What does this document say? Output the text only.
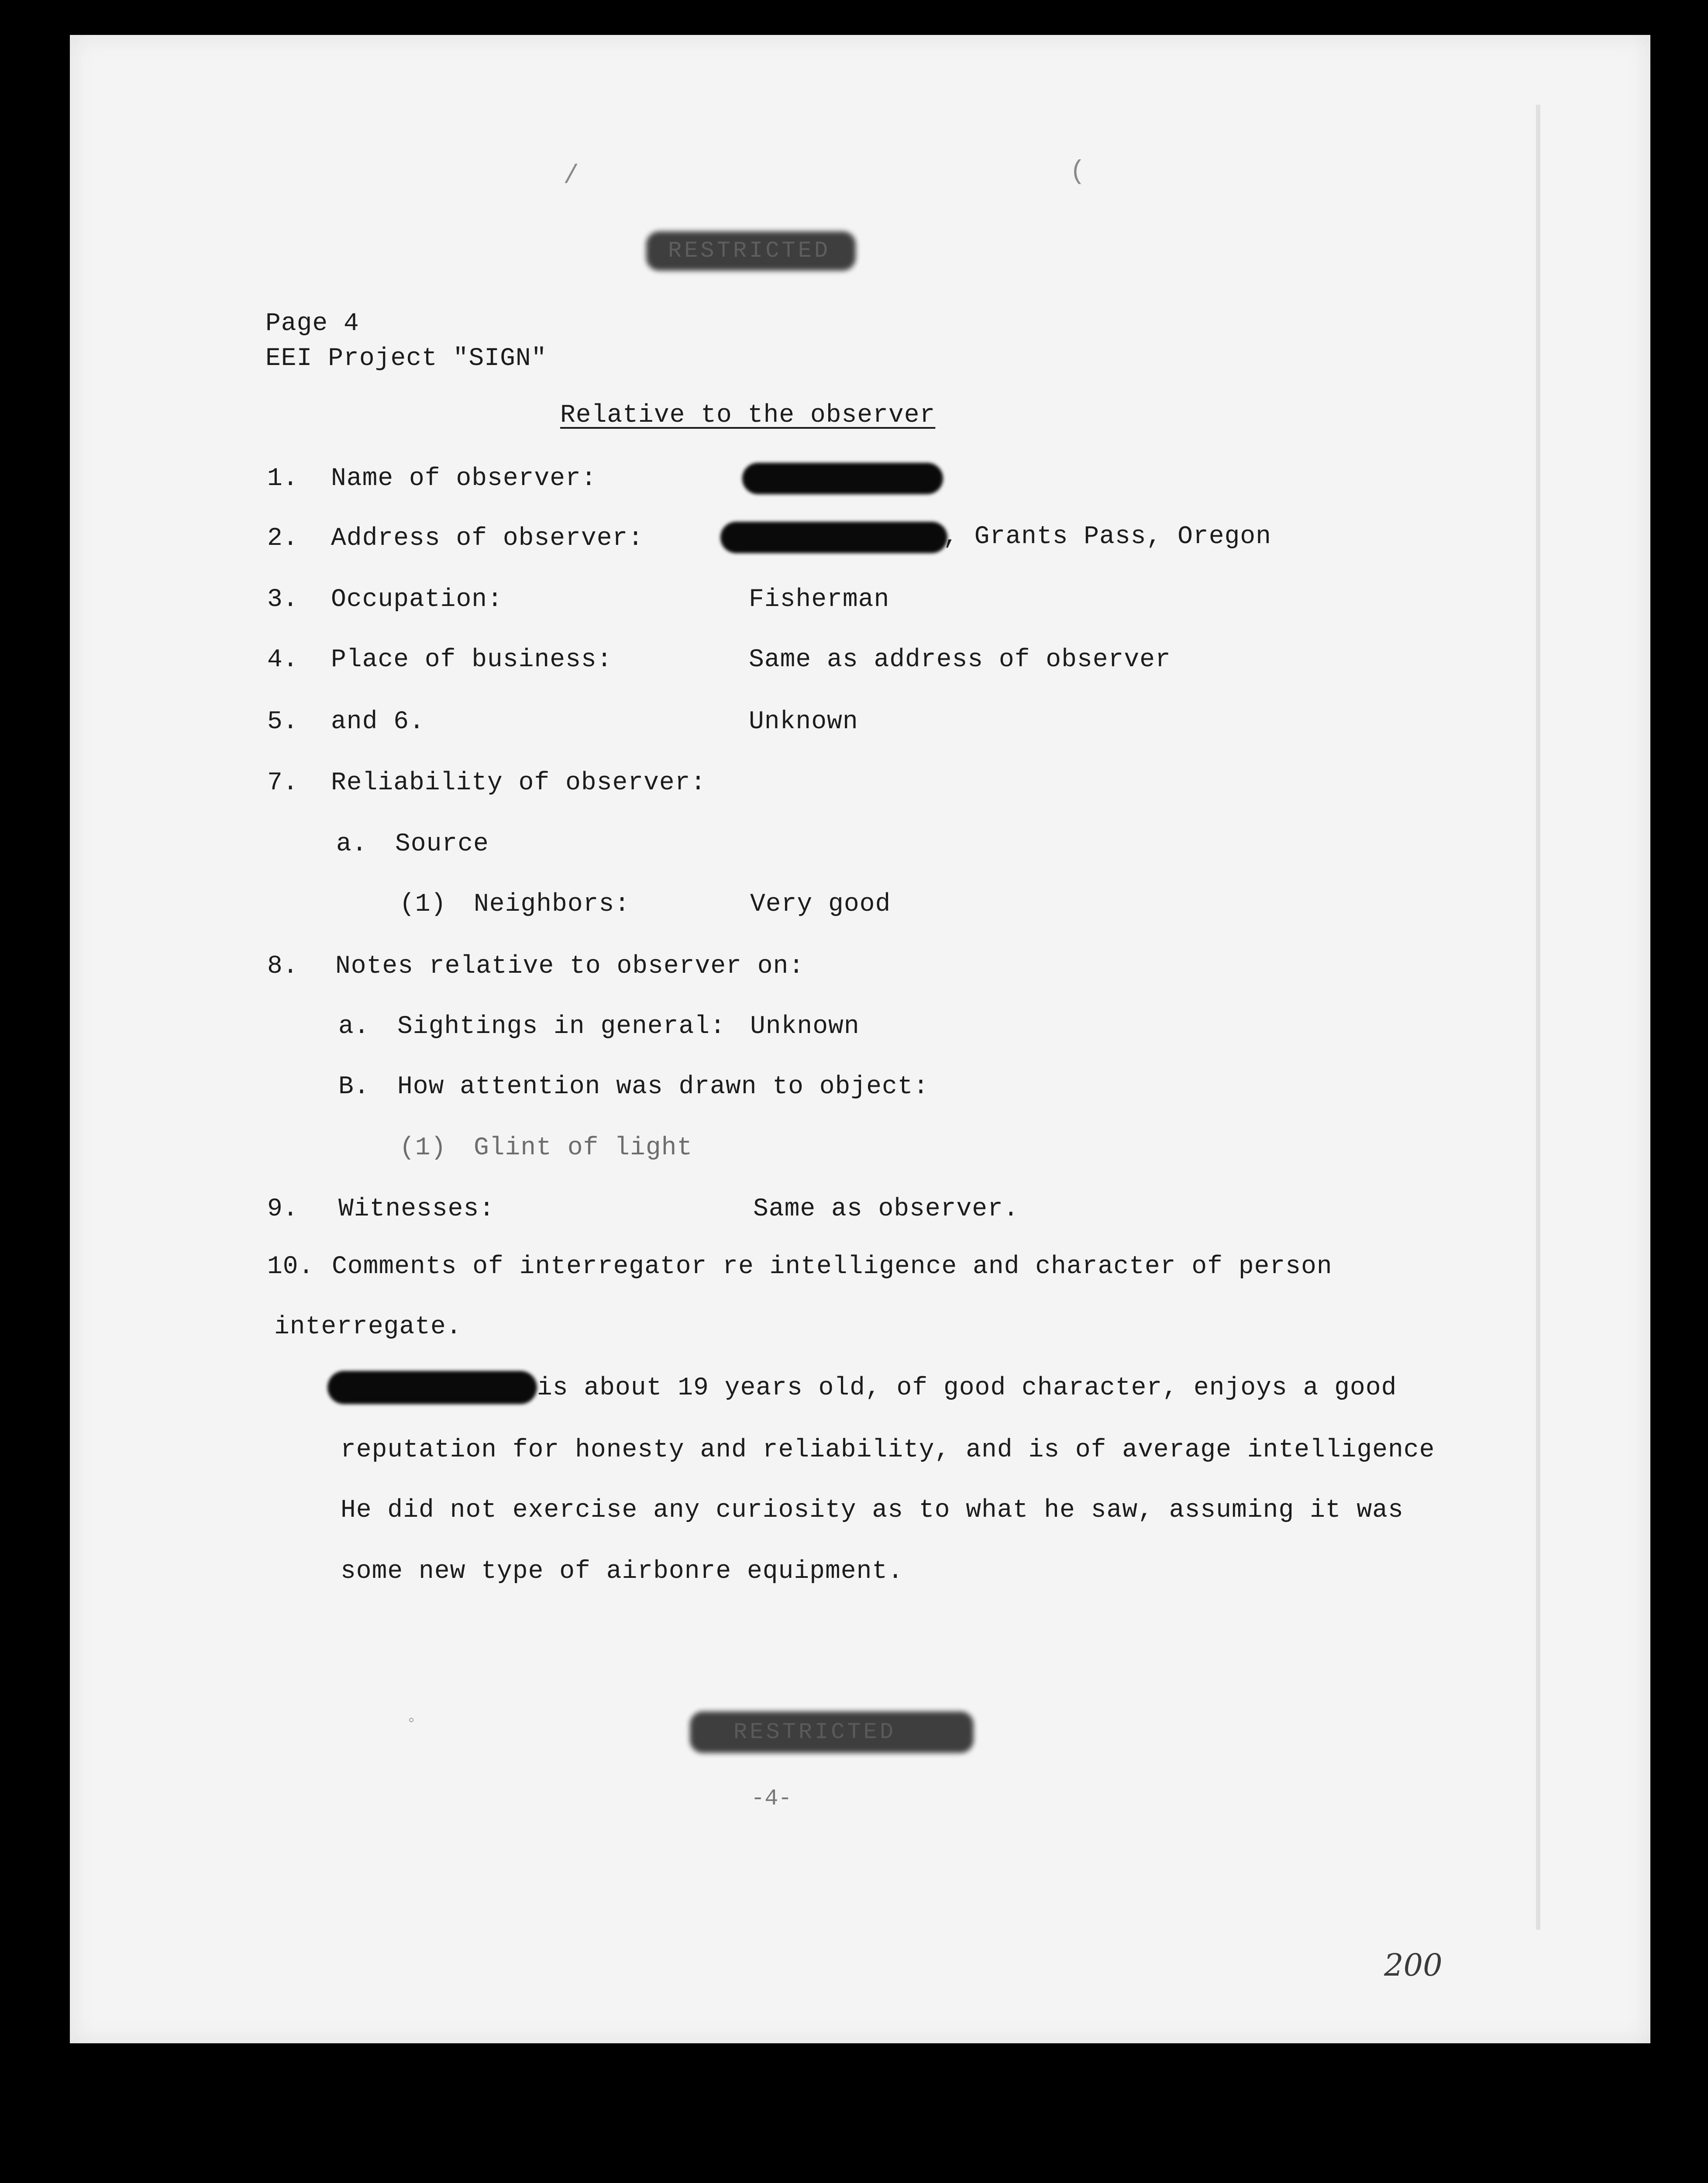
RESTRICTED
/	(
Page 4
EEI Project "SIGN"
Relative to the observer
1. Name of observer:
2. Address of observer:	, Grants Pass, Oregon
3. Occupation:	Fisherman
4. Place of business:	Same as address of observer
5. and 6.	Unknown
7. Reliability of observer:
a. Source
(1) Neighbors:	Very good
8. Notes relative to observer on:
a. Sightings in general: Unknown
B. How attention was drawn to object:
(1) Glint of light
9. Witnesses:	Same as observer.
10. Comments of interregator re intelligence and character of person
interregate.
is about 19 years old, of good character, enjoys a good
reputation for honesty and reliability, and is of average intelligence
He did not exercise any curiosity as to what he saw, assuming it was
some new type of airbonre equipment.
RESTRICTED
◦
-4-
200
